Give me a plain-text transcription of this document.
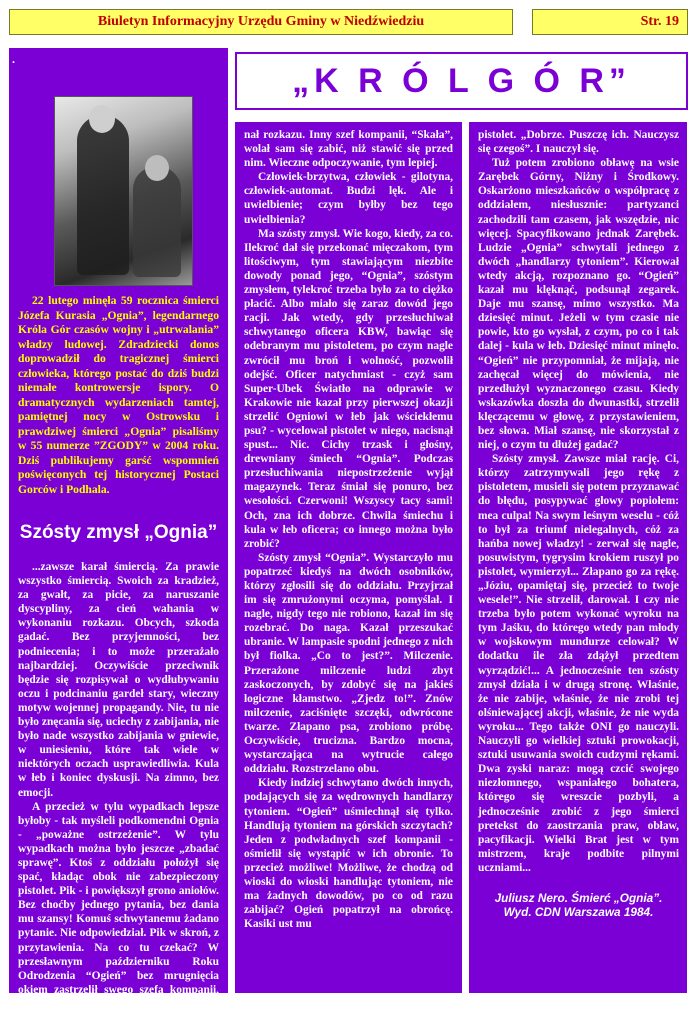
Biuletyn Informacyjny Urzędu Gminy w Niedźwiedziu	Str. 19
„K R Ó L G Ó R”
.

22 lutego minęła 59 rocznica śmierci Józefa Kurasia „Ognia”, legendarnego Króla Gór czasów wojny i „utrwalania” władzy ludowej. Zdradziecki donos doprowadził do tragicznej śmierci człowieka, którego postać do dziś budzi niemałe kontrowersje ispory. O dramatycznych wydarzeniach tamtej, pamiętnej nocy w Ostrowsku i prawdziwej śmierci „Ognia” pisaliśmy w 55 numerze ”ZGODY” w 2004 roku. Dziś publikujemy garść wspomnień poświęconych tej historycznej Postaci Gorców i Podhala.

Szósty zmysł „Ognia”

...zawsze karał śmiercią. Za prawie wszystko śmiercią. Swoich za kradzież, za gwałt, za picie, za naruszanie dyscypliny, za cień wahania w wykonaniu rozkazu. Obcych, szkoda gadać. Bez przyjemności, bez podniecenia; i to może przerażało najbardziej. Oczywiście przeciwnik będzie się rozpisywał o wydłubywaniu oczu i podcinaniu gardeł stary, wieczny motyw wojennej propagandy. Nie, tu nie było znęcania się, uciechy z zabijania, nie było nade wszystko zabijania w gniewie, w uniesieniu, które tak wiele w niektórych oczach usprawiedliwia. Kula w łeb i koniec dyskusji. Na zimno, bez emocji.

A przecież w tylu wypadkach lepsze byłoby - tak myśleli podkomendni Ognia - „poważne ostrzeżenie”. W tylu wypadkach można było jeszcze „zbadać sprawę”. Ktoś z oddziału położył się spać, kładąc obok nie zabezpieczony pistolet. Pik - i powiększył grono aniołów. Bez choćby jednego pytania, bez dania mu szansy! Komuś schwytanemu żadano pytanie. Nie odpowiedział. Pik w skroń, z przytawienia. Na co tu czekać? W przesławnym październiku Roku Odrodzenia “Ogień” bez mrugnięcia okiem zastrzelił swego szefa kompanii, świetnego dowódcę, niemal przyjaciela, „Łosia”. Nie wyko-

nał rozkazu. Inny szef kompanii, “Skała”, wolał sam się zabić, niż stawić się przed nim. Wieczne odpoczywanie, tym lepiej.

Człowiek-brzytwa, człowiek - gilotyna, człowiek-automat. Budzi lęk. Ale i uwielbienie; czym byłby bez tego uwielbienia?

Ma szósty zmysł. Wie kogo, kiedy, za co. Ilekroć dał się przekonać mięczakom, tym litościwym, tym stawiającym niezbite dowody ponad jego, “Ognia”, szóstym zmysłem, tylekroć trzeba było za to ciężko płacić. Albo miało się zaraz dowód jego racji. Jak wtedy, gdy przesłuchiwał schwytanego oficera KBW, bawiąc się odebranym mu pistoletem, po czym nagle zwrócił mu broń i wolność, pozwolił odejść. Oficer natychmiast - czyż sam Super-Ubek Światło na odprawie w Krakowie nie kazał przy pierwszej okazji strzelić Ogniowi w łeb jak wściekłemu psu? - wycelował pistolet w niego, nacisnął spust... Nic. Cichy trzask i głośny, drewniany śmiech “Ognia”. Podczas przesłuchiwania niepostrzeżenie wyjął magazynek. Teraz śmiał się ponuro, bez wesołości. Czerwoni! Wszyscy tacy sami! Och, zna ich dobrze. Chwila śmiechu i kula w łeb oficera; co innego można było zrobić?

Szósty zmysł “Ognia”. Wystarczyło mu popatrzeć kiedyś na dwóch osobników, którzy zgłosili się do oddziału. Przyjrzał im się zmrużonymi oczyma, pomyślał. I nagle, nigdy tego nie robiono, kazał im się rozebrać. Do naga. Kazał przeszukać ubranie. W lampasie spodni jednego z nich był fiolka. „Co to jest?”. Milczenie. Przerażone milczenie ludzi zbyt zaskoczonych, by zdobyć się na jakieś logiczne kłamstwo. „Zjedz to!”. Znów milczenie, zaciśnięte szczęki, odwrócone twarze. Złapano psa, zrobiono próbę. Oczywiście, trucizna. Bardzo mocna, wystarczająca na wytrucie całego oddziału. Rozstrzelano obu.

Kiedy indziej schwytano dwóch innych, podających się za wędrownych handlarzy tytoniem. “Ogień” uśmiechnął się tylko. Handlują tytoniem na górskich szczytach? Jeden z podwładnych szef kompanii - ośmielił się wystąpić w ich obronie. To przecież możliwe! Możliwe, że chodzą od wioski do wioski handlując tytoniem, nie ma żadnych dowodów, po co od razu zabijać? Ogień popatrzył na obrońcę. Kasiki ust mu

pistolet. „Dobrze. Puszczę ich. Nauczysz się czegoś”. I nauczył się.

Tuż potem zrobiono obławę na wsie Zarębek Górny, Niżny i Środkowy. Oskarżono mieszkańców o współpracę z oddziałem, niesłusznie: partyzanci zachodzili tam czasem, jak wszędzie, nic więcej. Spacyfikowano jednak Zarębek. Ludzie „Ognia” schwytali jednego z dwóch „handlarzy tytoniem”. Kierował wtedy akcją, rozpoznano go. “Ogień” kazał mu klęknąć, podsunął zegarek. Daje mu szansę, mimo wszystko. Ma dziesięć minut. Jeżeli w tym czasie nie powie, kto go wysłał, z czym, po co i tak dalej - kula w łeb. Dziesięć minut minęło. “Ogień” nie przypomniał, że mijają, nie zachęcał więcej do mówienia, nie przedłużył wyznaczonego czasu. Kiedy wskazówka doszła do dwunastki, strzelił klęczącemu w głowę, z przystawieniem, bez słowa. Miał szansę, nie skorzystał z niej, o czym tu dłużej gadać?

Szósty zmysł. Zawsze miał rację. Ci, którzy zatrzymywali jego rękę z pistoletem, musieli się potem przyznawać do błędu, posypywać głowy popiołem: mea culpa! Na swym leśnym weselu - cóż to był za triumf nielegalnych, cóż za hańba nowej władzy! - zerwał się nagle, posuwistym, tygrysim krokiem ruszył po pistolet, wymierzył... Złapano go za rękę. „Józiu, opamiętaj się, przecież to twoje wesele!”. Nie strzelił, darował. I czy nie trzeba było potem wykonać wyroku na tym Jaśku, do którego wtedy pan młody w wojskowym mundurze celował? W dodatku ile zła zdążył przedtem wyrządzić!... A jednocześnie ten szósty zmysł działa i w drugą stronę. Właśnie, że nie zabije, właśnie, że nie zrobi tej olśniewającej akcji, właśnie, że nie wyda wyroku... Tego także ONI go nauczyli. Nauczyli go wielkiej sztuki prowokacji, sztuki usuwania swoich cudzymi rękami. Dwa zyski naraz: mogą czcić swojego niezłomnego, wspaniałego bohatera, którego się wreszcie pozbyli, a jednocześnie zrobić z jego śmierci pretekst do zaostrzania praw, obław, pacyfikacji. Wielki Brat jest w tym mistrzem, kraje podbite pilnymi uczniami...

Juliusz Nero. Śmierć „Ognia”.
Wyd. CDN Warszawa 1984.
